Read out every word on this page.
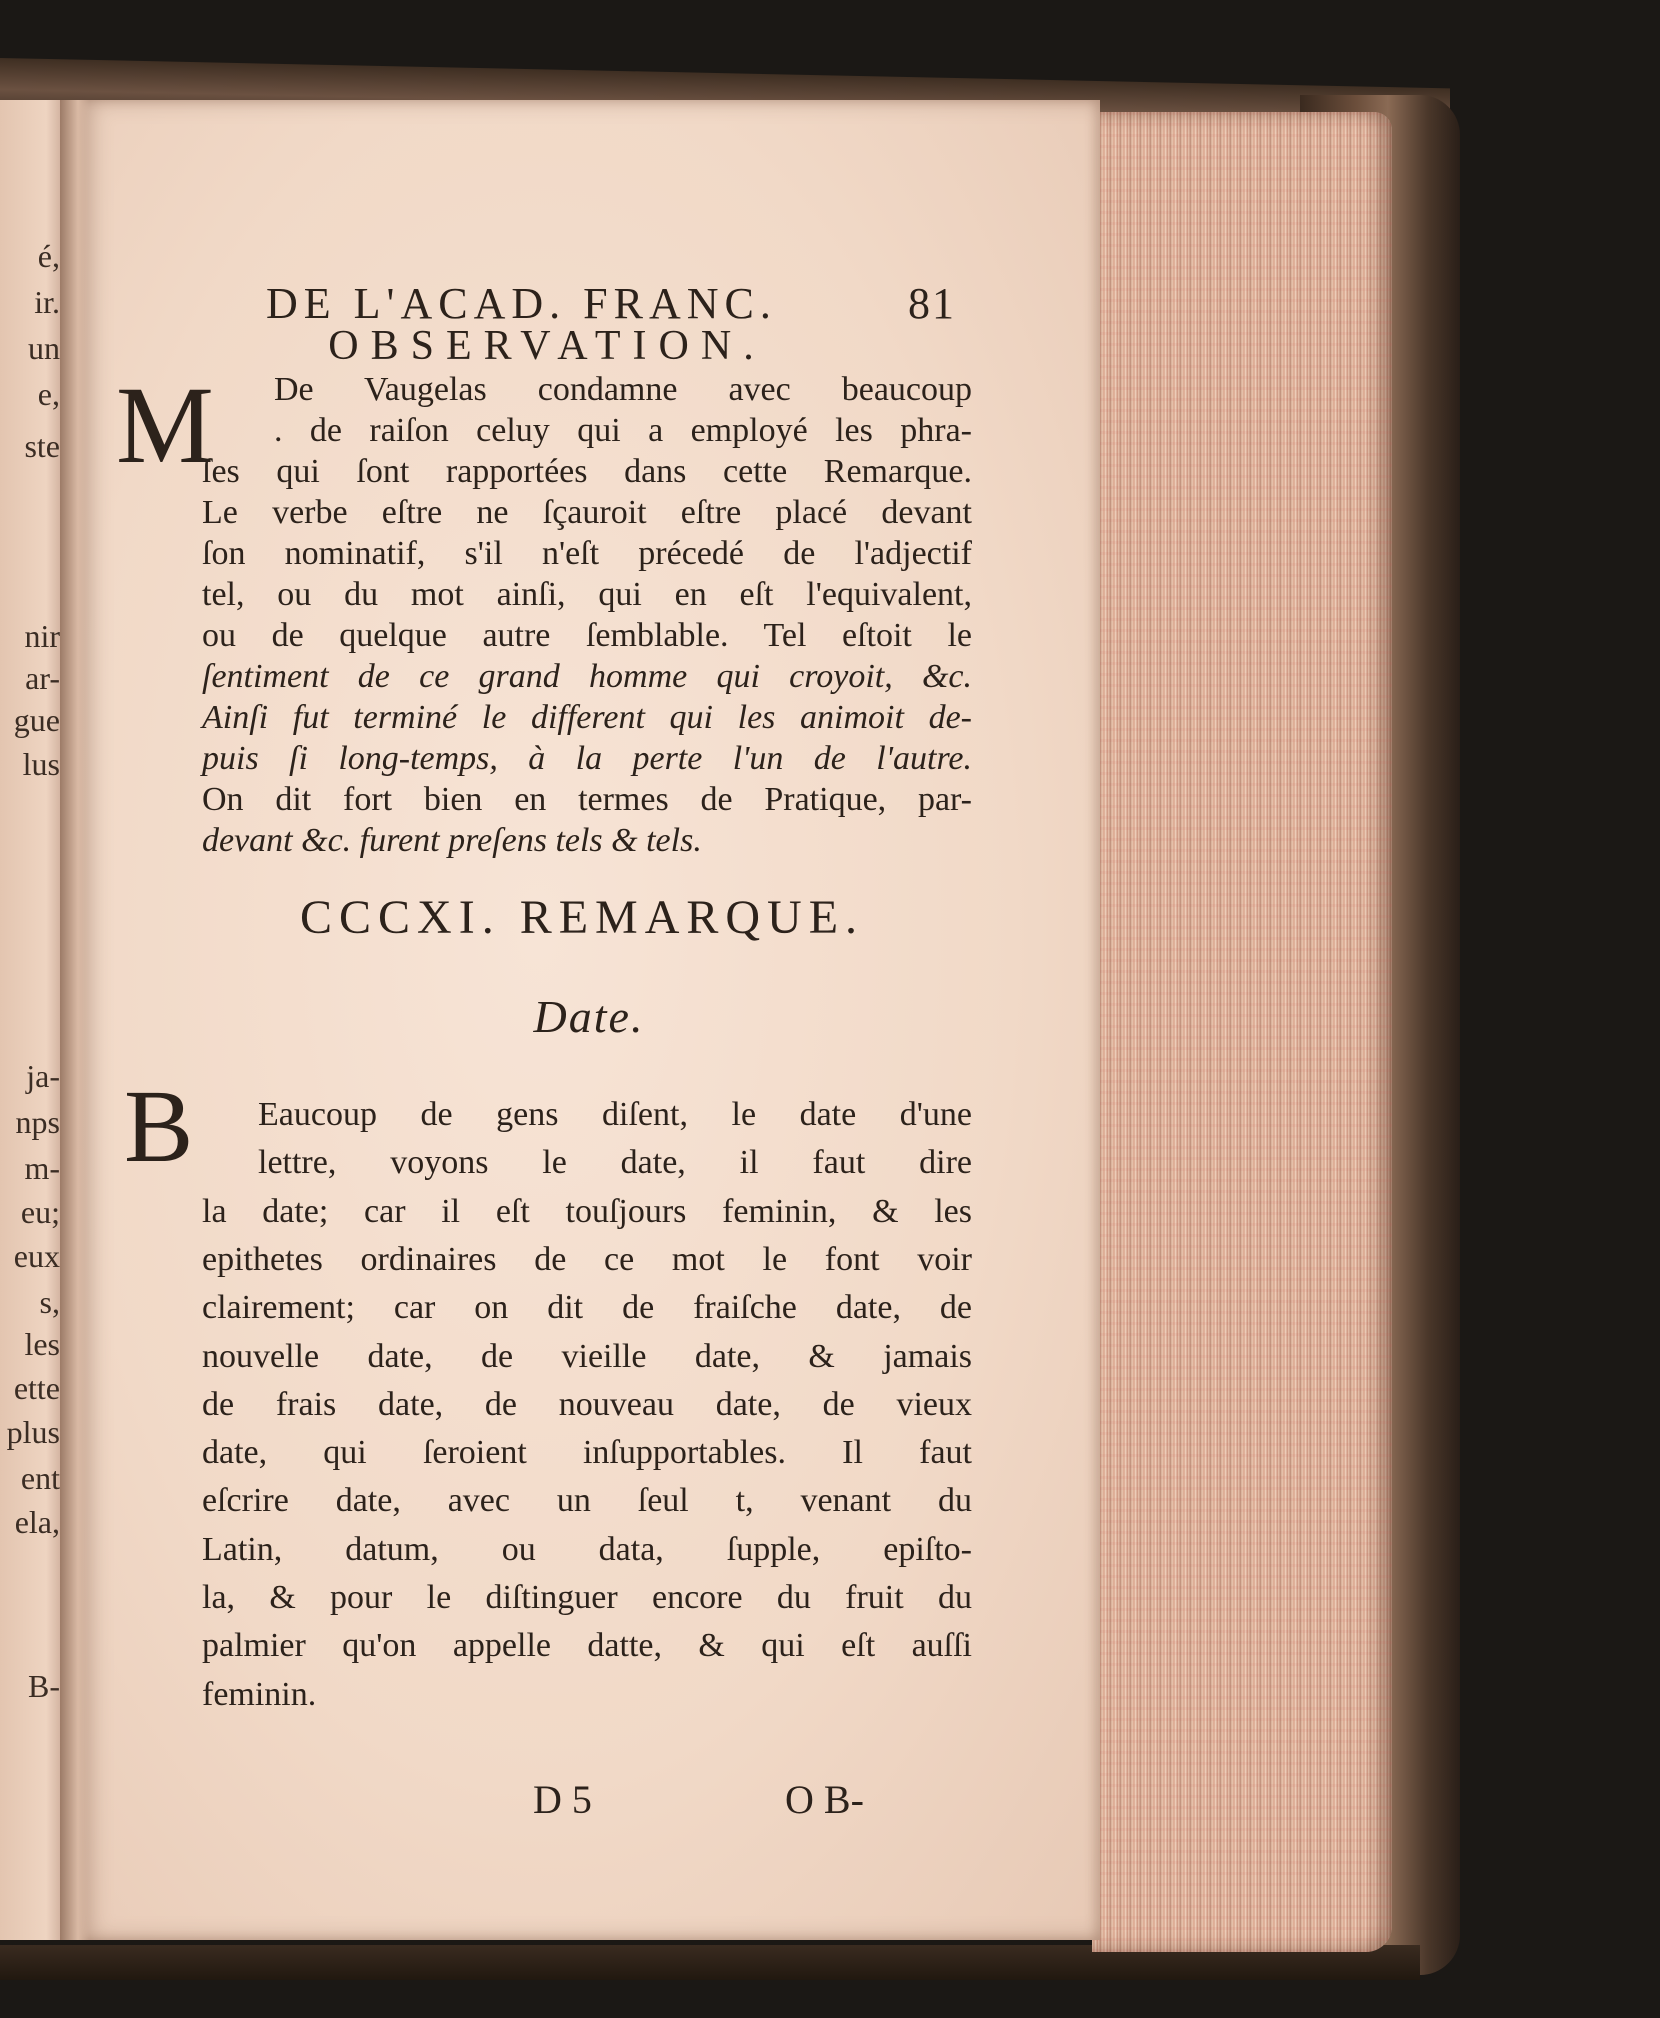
é,
ir.
un
e,
ste
nir
ar-
gue
lus
ja-
nps
m-
eu;
eux
s,
les
ette
plus
ent
ela,
B-
DE L'ACAD. FRANC.	81
OBSERVATION.
M De Vaugelas condamne avec beaucoup
. de raiſon celuy qui a employé les phra-
ſes qui ſont rapportées dans cette Remarque.
Le verbe eſtre ne ſçauroit eſtre placé devant
ſon nominatif, s'il n'eſt précedé de l'adjectif
tel, ou du mot ainſi, qui en eſt l'equivalent,
ou de quelque autre ſemblable. Tel eſtoit le
ſentiment de ce grand homme qui croyoit, &c.
Ainſi fut terminé le different qui les animoit de-
puis ſi long-temps, à la perte l'un de l'autre.
On dit fort bien en termes de Pratique, par-
devant &c. furent preſens tels & tels.
CCCXI. REMARQUE.
Date.
B Eaucoup de gens diſent, le date d'une
lettre, voyons le date, il faut dire
la date; car il eſt touſjours feminin, & les
epithetes ordinaires de ce mot le font voir
clairement; car on dit de fraiſche date, de
nouvelle date, de vieille date, & jamais
de frais date, de nouveau date, de vieux
date, qui ſeroient inſupportables. Il faut
eſcrire date, avec un ſeul t, venant du
Latin, datum, ou data, ſupple, epiſto-
la, & pour le diſtinguer encore du fruit du
palmier qu'on appelle datte, & qui eſt auſſi
feminin.
D 5	O B-
